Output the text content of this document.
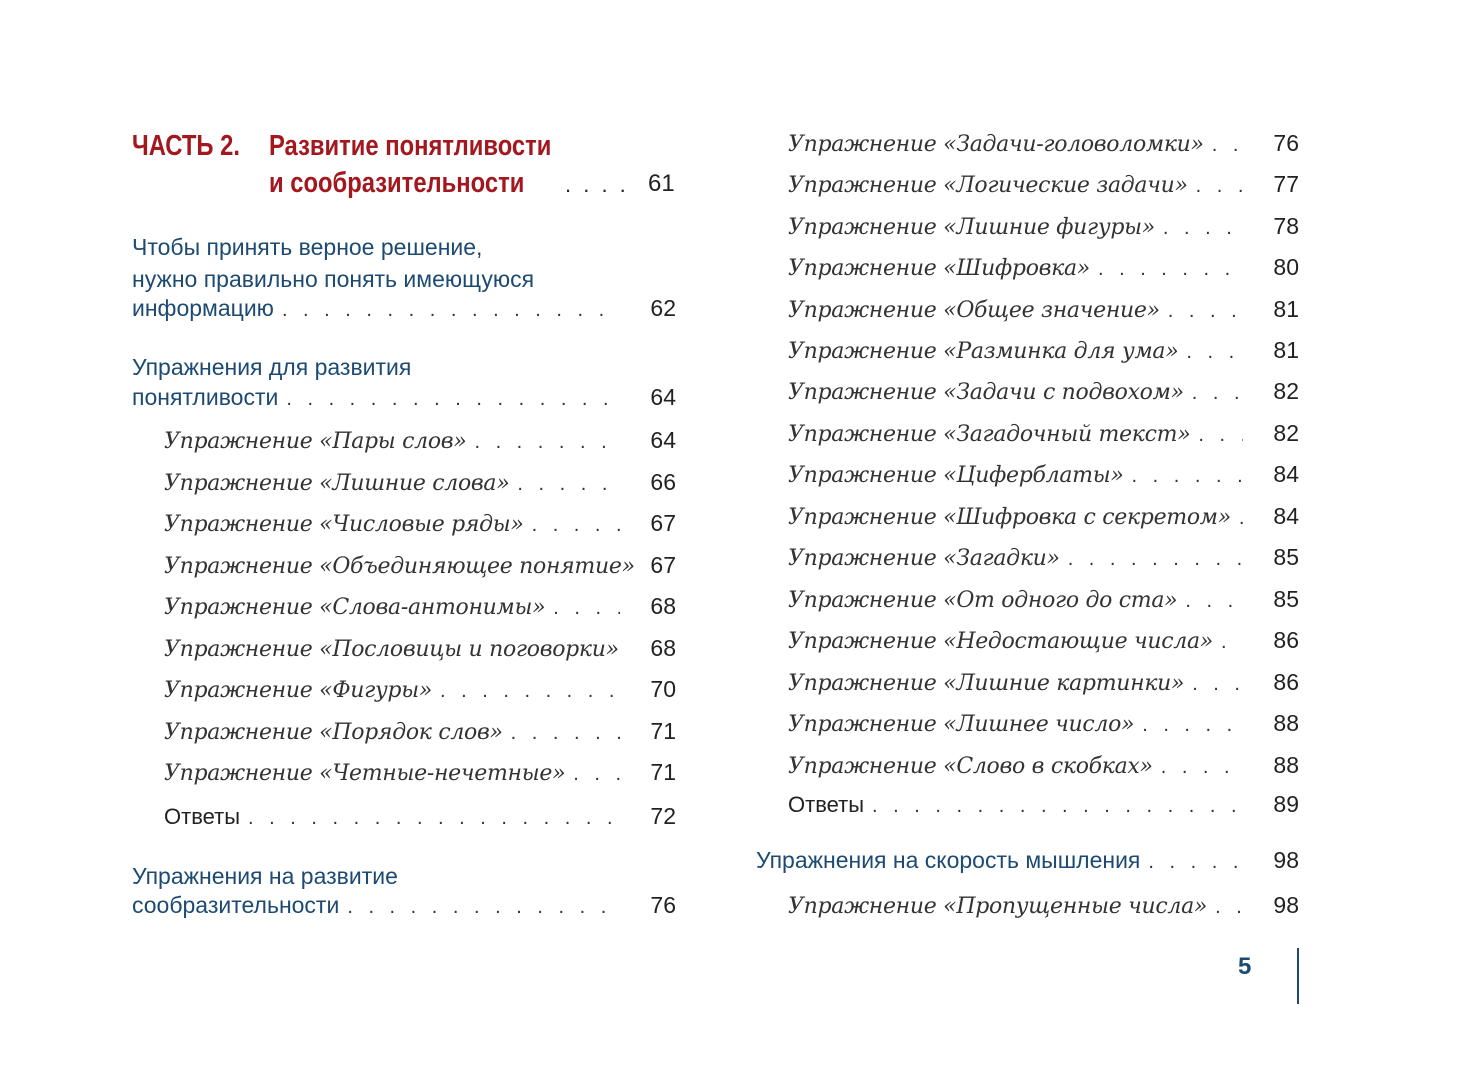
ЧАСТЬ 2. Развитие понятливости
и сообразительности . . . . 61
Чтобы принять верное решение,
нужно правильно понять имеющуюся
информацию . . .	62
Упражнения для развития
понятливости . . .	64
Упражнение «Пары слов» . . .	64
Упражнение «Лишние слова» . . .	66
Упражнение «Числовые ряды» . . .	67
Упражнение «Объединяющее понятие» . . . 67
Упражнение «Слова-антонимы» . . .	68
Упражнение «Пословицы и поговорки» . . .	68
Упражнение «Фигуры» . . .	70
Упражнение «Порядок слов» . . .	71
Упражнение «Четные-нечетные» . . .	71
Ответы . . .	72
Упражнения на развитие
сообразительности . . .	76
Упражнение «Задачи-головоломки» . . .	76
Упражнение «Логические задачи» . . .	77
Упражнение «Лишние фигуры» . . .	78
Упражнение «Шифровка» . . .	80
Упражнение «Общее значение» . . .	81
Упражнение «Разминка для ума» . . .	81
Упражнение «Задачи с подвохом» . . .	82
Упражнение «Загадочный текст» . . .	82
Упражнение «Циферблаты» . . .	84
Упражнение «Шифровка с секретом» . . .	84
Упражнение «Загадки» . . .	85
Упражнение «От одного до ста» . . .	85
Упражнение «Недостающие числа» . . .	86
Упражнение «Лишние картинки» . . .	86
Упражнение «Лишнее число» . . .	88
Упражнение «Слово в скобках» . . .	88
Ответы . . .	89
Упражнения на скорость мышления . . .	98
Упражнение «Пропущенные числа» . . .	98
5
